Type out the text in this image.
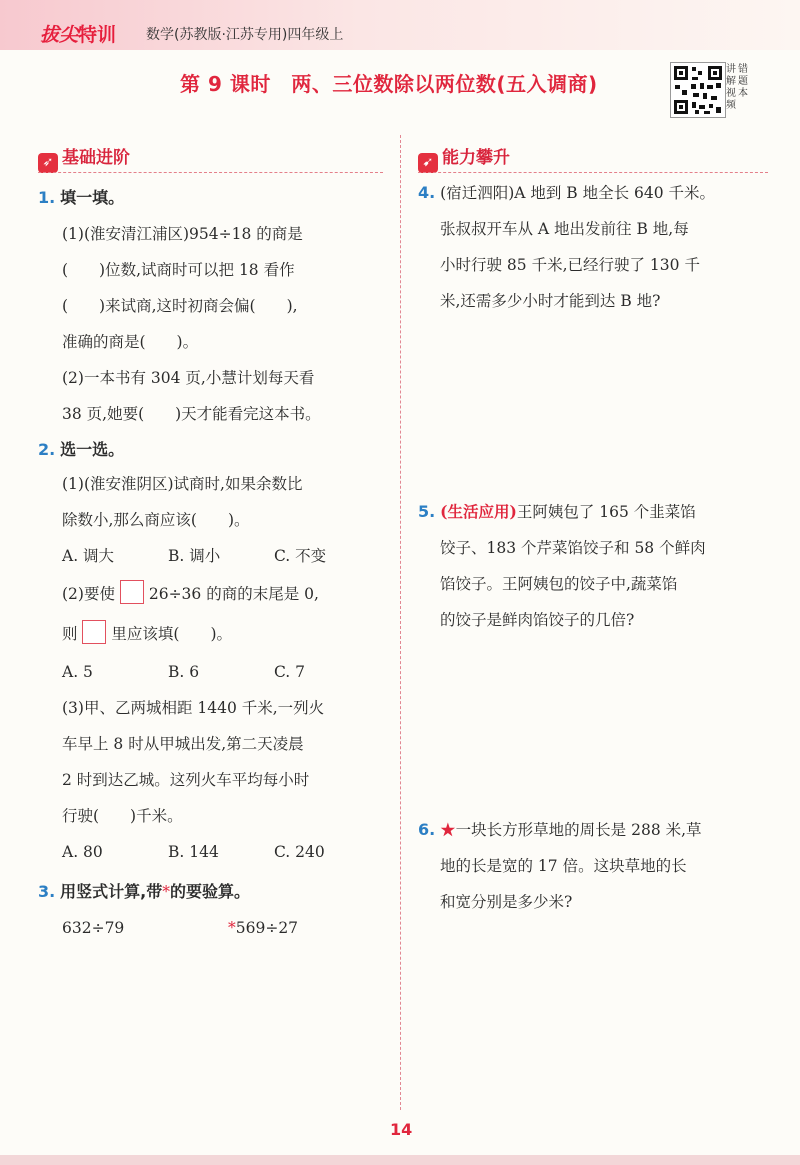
拔尖特训 数学(苏教版·江苏专用)四年级上
第 9 课时　两、三位数除以两位数(五入调商)
讲
解
视
频
错
题
本
➶ 基础进阶	➹ 能力攀升
1. 填一填。
(1)(淮安清江浦区)954÷18 的商是
(　　)位数,试商时可以把 18 看作
(　　)来试商,这时初商会偏(　　),
准确的商是(　　)。
(2)一本书有 304 页,小慧计划每天看
38 页,她要(　　)天才能看完这本书。
2. 选一选。
(1)(淮安淮阴区)试商时,如果余数比
除数小,那么商应该(　　)。
A. 调大	B. 调小	C. 不变
(2)要使 26÷36 的商的末尾是 0,
则 里应该填(　　)。
A. 5	B. 6	C. 7
(3)甲、乙两城相距 1440 千米,一列火
车早上 8 时从甲城出发,第二天凌晨
2 时到达乙城。这列火车平均每小时
行驶(　　)千米。
A. 80	B. 144	C. 240
3. 用竖式计算,带*的要验算。
632÷79	*569÷27
4. (宿迁泗阳)A 地到 B 地全长 640 千米。
张叔叔开车从 A 地出发前往 B 地,每
小时行驶 85 千米,已经行驶了 130 千
米,还需多少小时才能到达 B 地?
5. (生活应用)王阿姨包了 165 个韭菜馅
饺子、183 个芹菜馅饺子和 58 个鲜肉
馅饺子。王阿姨包的饺子中,蔬菜馅
的饺子是鲜肉馅饺子的几倍?
6. ★一块长方形草地的周长是 288 米,草
地的长是宽的 17 倍。这块草地的长
和宽分别是多少米?
14
